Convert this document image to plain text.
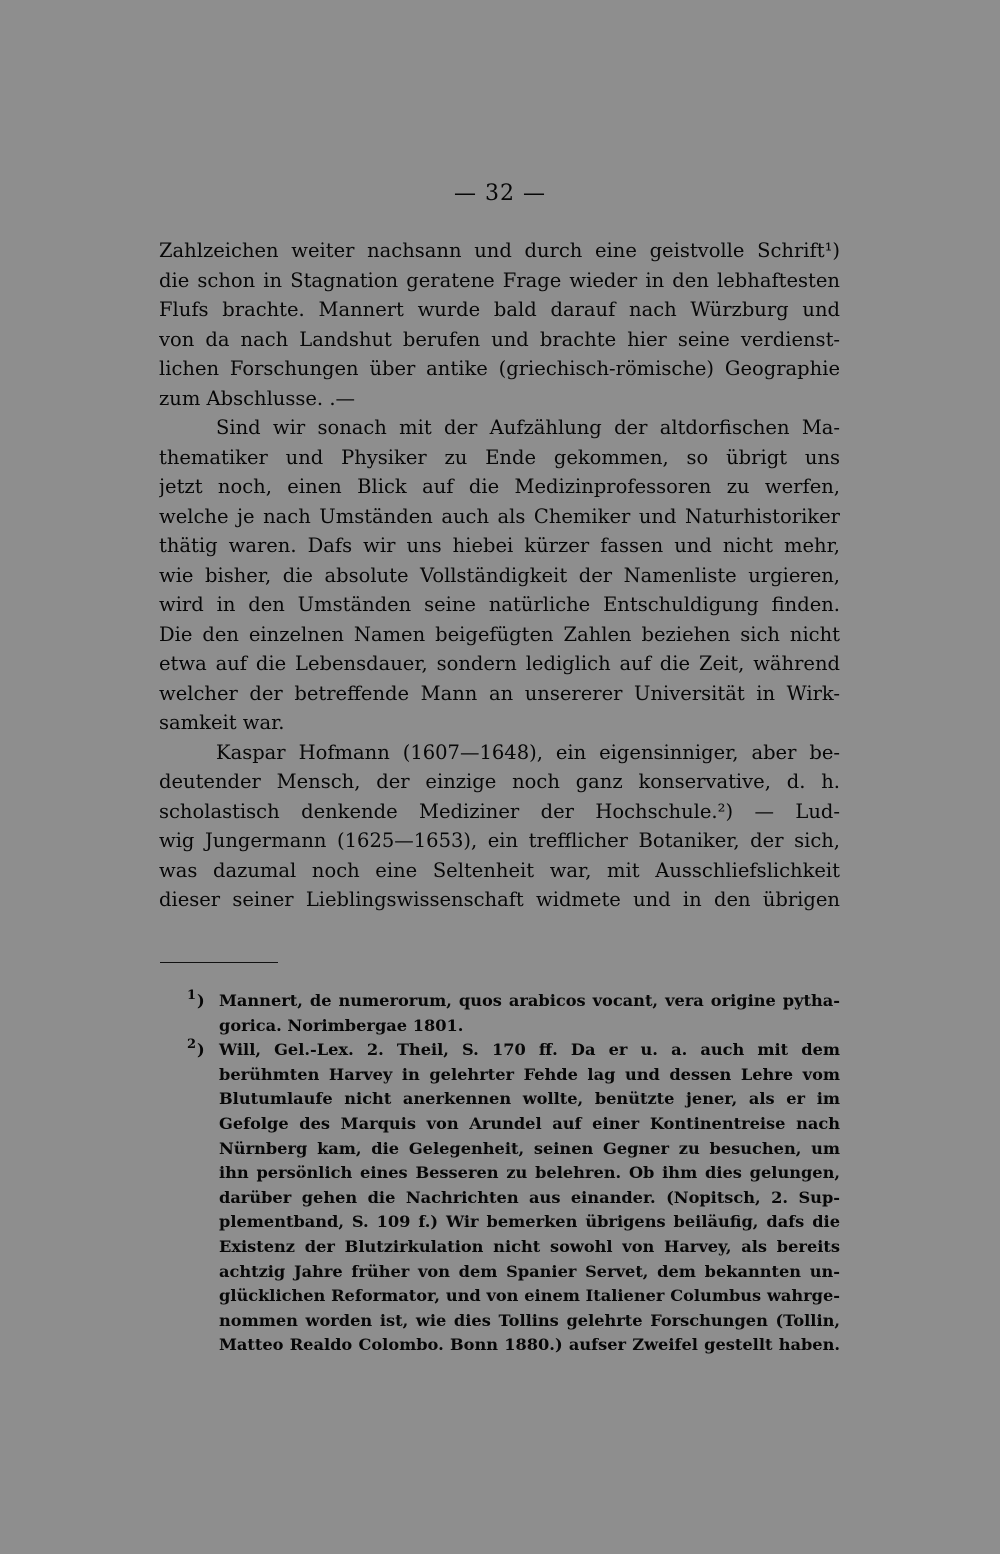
— 32 —
Zahlzeichen weiter nachsann und durch eine geistvolle Schrift¹)
die schon in Stagnation geratene Frage wieder in den lebhaftesten
Flufs brachte. Mannert wurde bald darauf nach Würzburg und
von da nach Landshut berufen und brachte hier seine verdienst-
lichen Forschungen über antike (griechisch-römische) Geographie
zum Abschlusse. .—
Sind wir sonach mit der Aufzählung der altdorfischen Ma-
thematiker und Physiker zu Ende gekommen, so übrigt uns
jetzt noch, einen Blick auf die Medizinprofessoren zu werfen,
welche je nach Umständen auch als Chemiker und Naturhistoriker
thätig waren. Dafs wir uns hiebei kürzer fassen und nicht mehr,
wie bisher, die absolute Vollständigkeit der Namenliste urgieren,
wird in den Umständen seine natürliche Entschuldigung finden.
Die den einzelnen Namen beigefügten Zahlen beziehen sich nicht
etwa auf die Lebensdauer, sondern lediglich auf die Zeit, während
welcher der betreffende Mann an unsererer Universität in Wirk-
samkeit war.
Kaspar Hofmann (1607—1648), ein eigensinniger, aber be-
deutender Mensch, der einzige noch ganz konservative, d. h.
scholastisch denkende Mediziner der Hochschule.²) — Lud-
wig Jungermann (1625—1653), ein trefflicher Botaniker, der sich,
was dazumal noch eine Seltenheit war, mit Ausschliefslichkeit
dieser seiner Lieblingswissenschaft widmete und in den übrigen
1 ) Mannert, de numerorum, quos arabicos vocant, vera origine pytha-
gorica. Norimbergae 1801.
2 ) Will, Gel.-Lex. 2. Theil, S. 170 ff. Da er u. a. auch mit dem
berühmten Harvey in gelehrter Fehde lag und dessen Lehre vom
Blutumlaufe nicht anerkennen wollte, benützte jener, als er im
Gefolge des Marquis von Arundel auf einer Kontinentreise nach
Nürnberg kam, die Gelegenheit, seinen Gegner zu besuchen, um
ihn persönlich eines Besseren zu belehren. Ob ihm dies gelungen,
darüber gehen die Nachrichten aus einander. (Nopitsch, 2. Sup-
plementband, S. 109 f.) Wir bemerken übrigens beiläufig, dafs die
Existenz der Blutzirkulation nicht sowohl von Harvey, als bereits
achtzig Jahre früher von dem Spanier Servet, dem bekannten un-
glücklichen Reformator, und von einem Italiener Columbus wahrge-
nommen worden ist, wie dies Tollins gelehrte Forschungen (Tollin,
Matteo Realdo Colombo. Bonn 1880.) aufser Zweifel gestellt haben.
